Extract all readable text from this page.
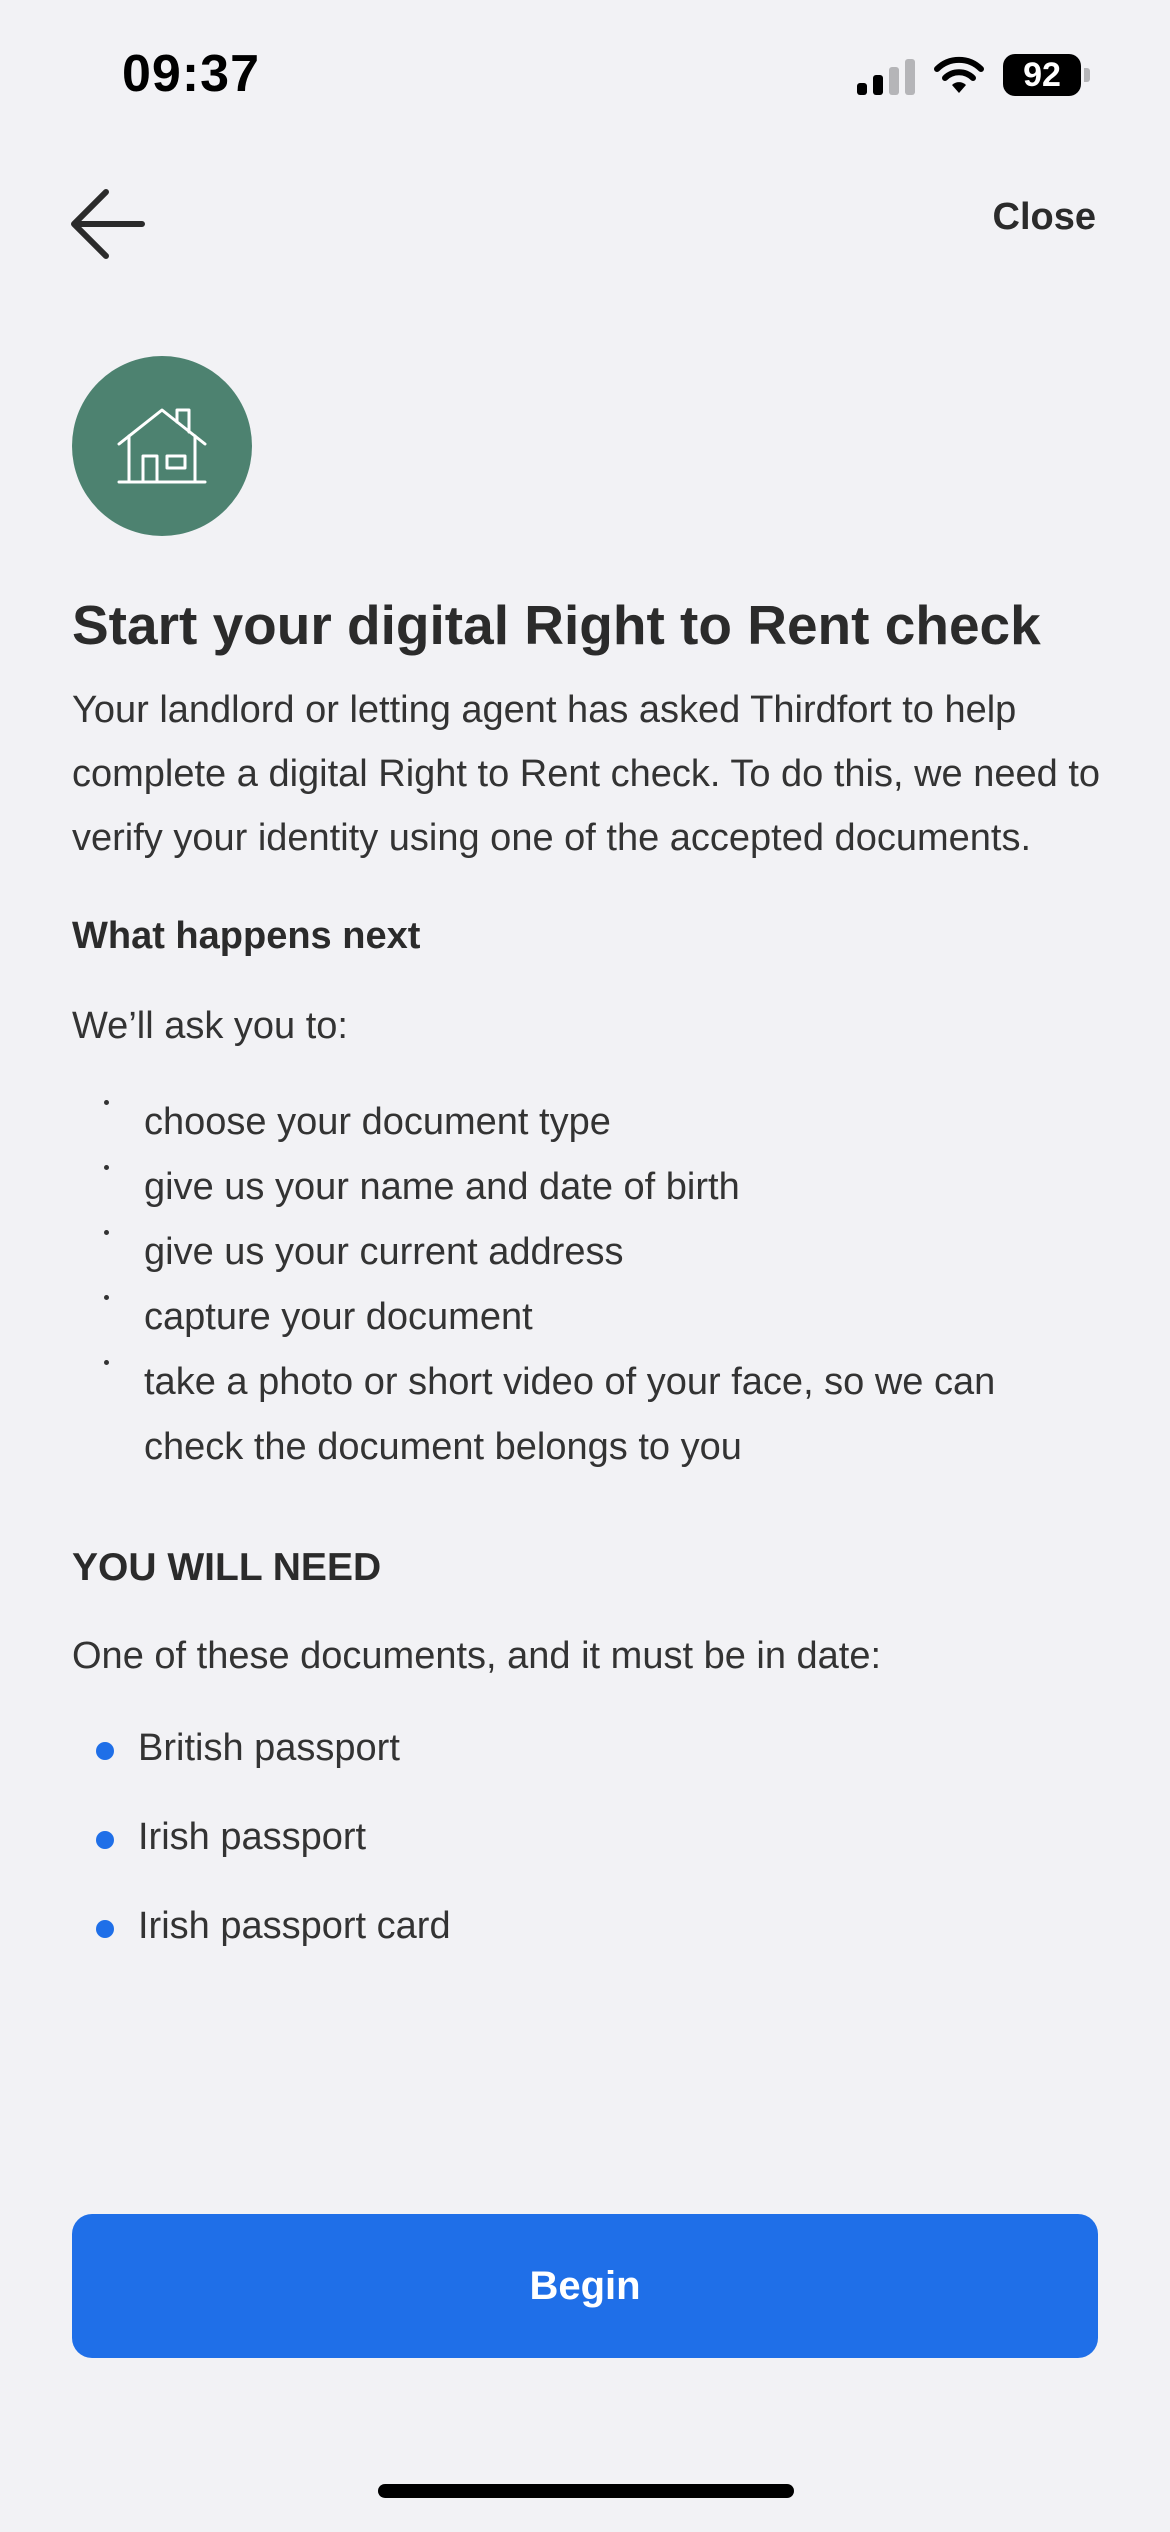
09:37	92
Close
Start your digital Right to Rent check

Your landlord or letting agent has asked Thirdfort to help complete a digital Right to Rent check. To do this, we need to verify your identity using one of the accepted documents.

What happens next

We’ll ask you to:

choose your document type
give us your name and date of birth
give us your current address
capture your document
take a photo or short video of your face, so we can check the document belongs to you
YOU WILL NEED

One of these documents, and it must be in date:

British passport
Irish passport
Irish passport card
Begin
